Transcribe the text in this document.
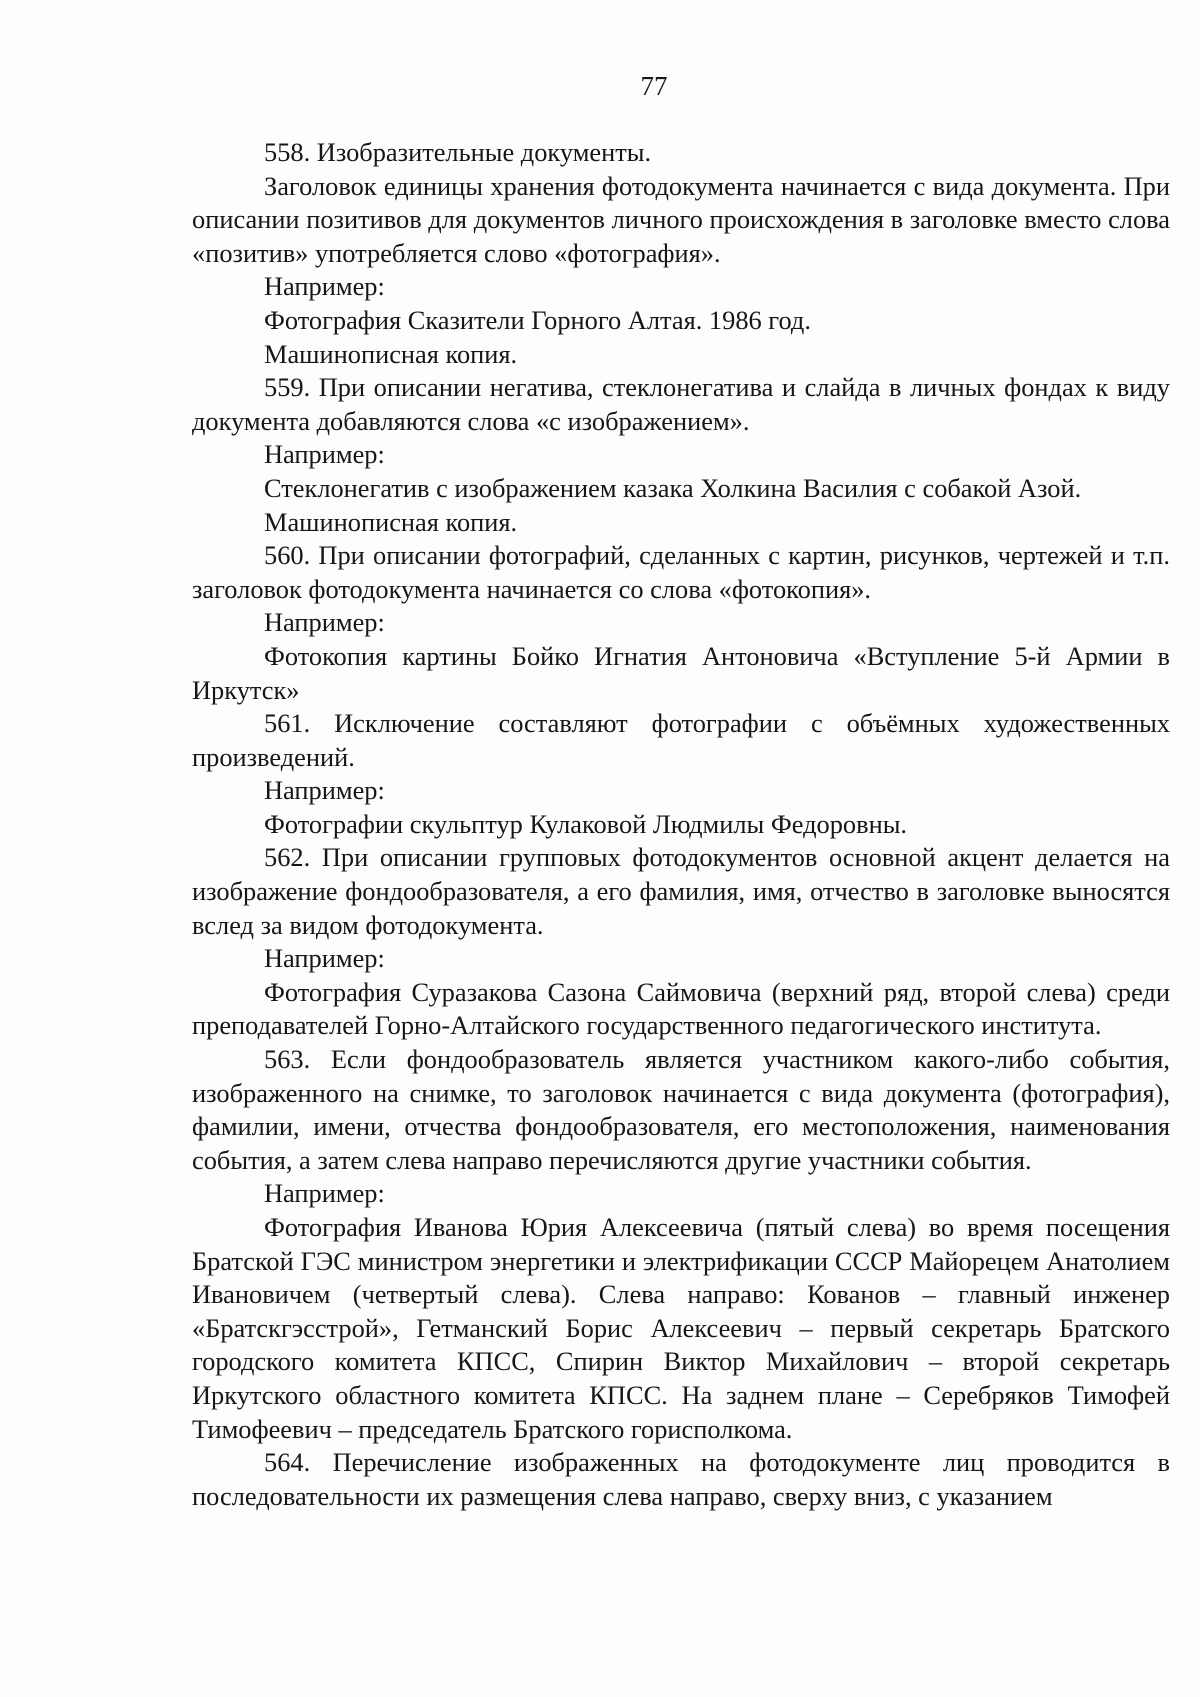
77

558. Изобразительные документы.

Заголовок единицы хранения фотодокумента начинается с вида документа. При описании позитивов для документов личного происхождения в заголовке вместо слова «позитив» употребляется слово «фотография».

Например:

Фотография Сказители Горного Алтая. 1986 год.

Машинописная копия.

559. При описании негатива, стеклонегатива и слайда в личных фондах к виду документа добавляются слова «с изображением».

Например:

Стеклонегатив с изображением казака Холкина Василия с собакой Азой.

Машинописная копия.

560. При описании фотографий, сделанных с картин, рисунков, чертежей и т.п. заголовок фотодокумента начинается со слова «фотокопия».

Например:

Фотокопия картины Бойко Игнатия Антоновича «Вступление 5-й Армии в Иркутск»

561. Исключение составляют фотографии с объёмных художественных произведений.

Например:

Фотографии скульптур Кулаковой Людмилы Федоровны.

562. При описании групповых фотодокументов основной акцент делается на изображение фондообразователя, а его фамилия, имя, отчество в заголовке выносятся вслед за видом фотодокумента.

Например:

Фотография Суразакова Сазона Саймовича (верхний ряд, второй слева) среди преподавателей Горно-Алтайского государственного педагогического института.

563. Если фондообразователь является участником какого-либо события, изображенного на снимке, то заголовок начинается с вида документа (фотография), фамилии, имени, отчества фондообразователя, его местоположения, наименования события, а затем слева направо перечисляются другие участники события.

Например:

Фотография Иванова Юрия Алексеевича (пятый слева) во время посещения Братской ГЭС министром энергетики и электрификации СССР Майорецем Анатолием Ивановичем (четвертый слева). Слева направо: Кованов – главный инженер «Братскгэсстрой», Гетманский Борис Алексеевич – первый секретарь Братского городского комитета КПСС, Спирин Виктор Михайлович – второй секретарь Иркутского областного комитета КПСС. На заднем плане – Серебряков Тимофей Тимофеевич – председатель Братского горисполкома.

564. Перечисление изображенных на фотодокументе лиц проводится в последовательности их размещения слева направо, сверху вниз, с указанием
